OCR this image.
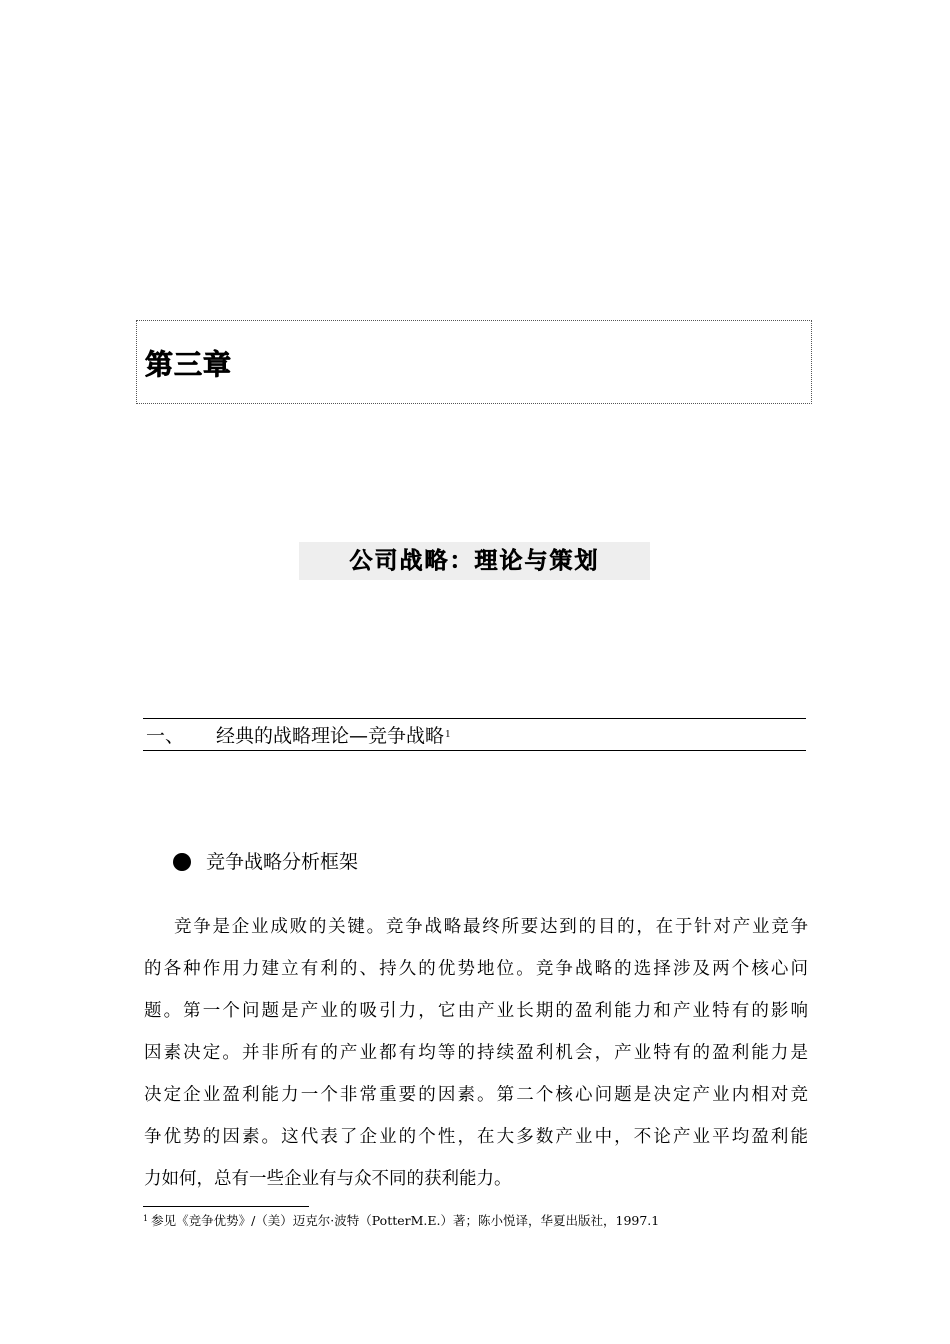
第三章
公司战略：理论与策划
一、 经典的战略理论—竞争战略$^1$
竞争战略分析框架
竞争是企业成败的关键。竞争战略最终所要达到的目的，在于针对产业竞争
的各种作用力建立有利的、持久的优势地位。竞争战略的选择涉及两个核心问
题。第一个问题是产业的吸引力，它由产业长期的盈利能力和产业特有的影响
因素决定。并非所有的产业都有均等的持续盈利机会，产业特有的盈利能力是
决定企业盈利能力一个非常重要的因素。第二个核心问题是决定产业内相对竞
争优势的因素。这代表了企业的个性，在大多数产业中，不论产业平均盈利能
力如何，总有一些企业有与众不同的获利能力。
$^1$ 参见《竞争优势》/（美）迈克尔·波特（PotterM.E.）著；陈小悦译，华夏出版社，1997.1
